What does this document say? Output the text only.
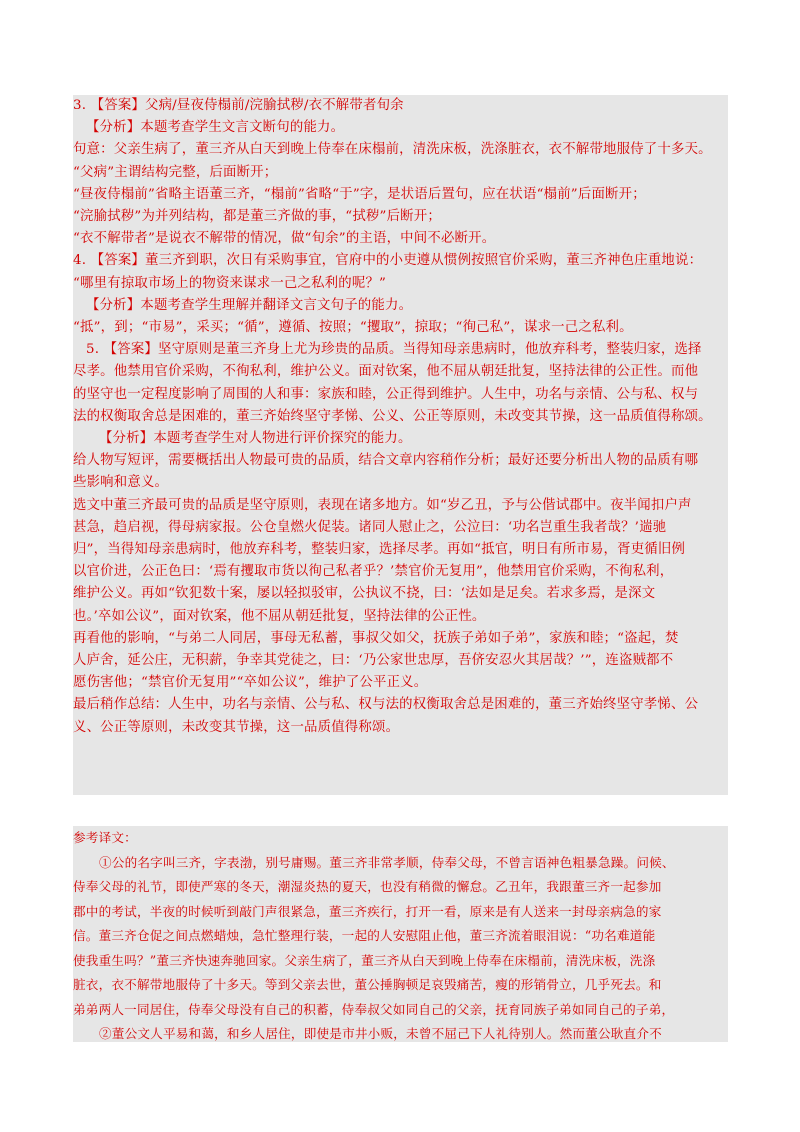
3. 【答案】父病/昼夜侍榻前/浣腧拭秽/衣不解带者旬余

【分析】本题考查学生文言文断句的能力。

句意：父亲生病了，董三齐从白天到晚上侍奉在床榻前，清洗床板，洗涤脏衣，衣不解带地服侍了十多天。

“父病”主谓结构完整，后面断开；

“昼夜侍榻前”省略主语董三齐，“榻前”省略“于”字，是状语后置句，应在状语“榻前”后面断开；

“浣腧拭秽”为并列结构，都是董三齐做的事，“拭秽”后断开；

“衣不解带者”是说衣不解带的情况，做“旬余”的主语，中间不必断开。

4. 【答案】董三齐到职，次日有采购事宜，官府中的小吏遵从惯例按照官价采购，董三齐神色庄重地说：

“哪里有掠取市场上的物资来谋求一己之私利的呢？”

【分析】本题考查学生理解并翻译文言文句子的能力。

“抵”，到；“市易”，采买；“循”，遵循、按照；“攫取”，掠取；“徇己私”，谋求一己之私利。

5. 【答案】坚守原则是董三齐身上尤为珍贵的品质。当得知母亲患病时，他放弃科考，整装归家，选择

尽孝。他禁用官价采购，不徇私利，维护公义。面对钦案，他不屈从朝廷批复，坚持法律的公正性。而他

的坚守也一定程度影响了周围的人和事：家族和睦，公正得到维护。人生中，功名与亲情、公与私、权与

法的权衡取舍总是困难的，董三齐始终坚守孝悌、公义、公正等原则，未改变其节操，这一品质值得称颂。

【分析】本题考查学生对人物进行评价探究的能力。

给人物写短评，需要概括出人物最可贵的品质，结合文章内容稍作分析；最好还要分析出人物的品质有哪

些影响和意义。

选文中董三齐最可贵的品质是坚守原则，表现在诸多地方。如“岁乙丑，予与公偕试郡中。夜半闻扣户声

甚急，趋启视，得母病家报。公仓皇燃火促装。诸同人慰止之，公泣曰：‘功名岂重生我者哉？’遄驰

归”，当得知母亲患病时，他放弃科考，整装归家，选择尽孝。再如“抵官，明日有所市易，胥吏循旧例

以官价进，公正色曰：‘焉有攫取市货以徇己私者乎？’禁官价无复用”，他禁用官价采购，不徇私利，

维护公义。再如“钦犯数十案，屡以轻拟驳审，公执议不挠，曰：‘法如是足矣。若求多焉，是深文

也。’卒如公议”，面对钦案，他不屈从朝廷批复，坚持法律的公正性。

再看他的影响，“与弟二人同居，事母无私蓄，事叔父如父，抚族子弟如子弟”，家族和睦；“盗起，焚

人庐舍，延公庄，无积薪，争幸其党徒之，曰：‘乃公家世忠厚，吾侪安忍火其居哉？’”，连盗贼都不

愿伤害他；“禁官价无复用”“卒如公议”，维护了公平正义。

最后稍作总结：人生中，功名与亲情、公与私、权与法的权衡取舍总是困难的，董三齐始终坚守孝悌、公

义、公正等原则，未改变其节操，这一品质值得称颂。

参考译文：

①公的名字叫三齐，字表渤，别号庸赐。董三齐非常孝顺，侍奉父母，不曾言语神色粗暴急躁。问候、

侍奉父母的礼节，即使严寒的冬天，潮湿炎热的夏天，也没有稍微的懈怠。乙丑年，我跟董三齐一起参加

郡中的考试，半夜的时候听到敲门声很紧急，董三齐疾行，打开一看，原来是有人送来一封母亲病急的家

信。董三齐仓促之间点燃蜡烛，急忙整理行装，一起的人安慰阻止他，董三齐流着眼泪说：“功名难道能

使我重生吗？”董三齐快速奔驰回家。父亲生病了，董三齐从白天到晚上侍奉在床榻前，清洗床板，洗涤

脏衣，衣不解带地服侍了十多天。等到父亲去世，董公捶胸顿足哀毁痛苦，瘦的形销骨立，几乎死去。和

弟弟两人一同居住，侍奉父母没有自己的积蓄，侍奉叔父如同自己的父亲，抚育同族子弟如同自己的子弟，

②董公文人平易和蔼，和乡人居住，即使是市井小贩，未曾不屈己下人礼待别人。然而董公耿直介不
